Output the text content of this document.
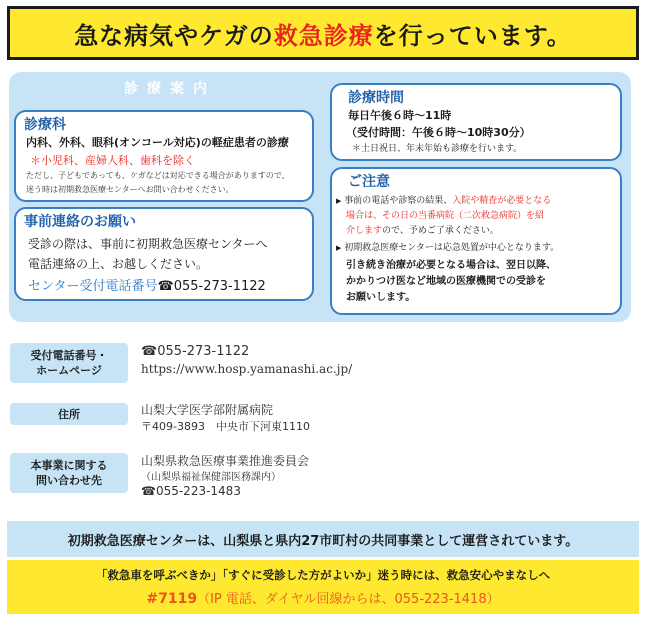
急な病気やケガの 救急診療 を行っています。
診療案内
診療科
内科、外科、眼科(オンコール対応)の軽症患者の診療
＊小児科、産婦人科、歯科を除く
ただし、子どもであっても、ケガなどは対応できる場合がありますので、
迷う時は初期救急医療センターへお問い合わせください。
事前連絡のお願い
受診の際は、事前に初期救急医療センターへ
電話連絡の上、お越しください。
センター受付電話番号☎055-273-1122
診療時間
毎日午後６時～11時
（受付時間：午後６時～10時30分）
＊土日祝日、年末年始も診療を行います。
ご注意
▶ 事前の電話や診察の結果、入院や精査が必要となる
場合は、その日の当番病院（二次救急病院）を紹
介しますので、予めご了承ください。
▶ 初期救急医療センターは応急処置が中心となります。
引き続き治療が必要となる場合は、翌日以降、
かかりつけ医など地域の医療機関での受診を
お願いします。
受付電話番号・
ホームページ
☎055-273-1122
https://www.hosp.yamanashi.ac.jp/
住所	山梨大学医学部附属病院
〒409-3893　中央市下河東1110
本事業に関する
問い合わせ先
山梨県救急医療事業推進委員会
（山梨県福祉保健部医務課内）
☎055-223-1483
初期救急医療センターは、山梨県と県内27市町村の共同事業として運営されています。
「救急車を呼ぶべきか」「すぐに受診した方がよいか」迷う時には、救急安心やまなしへ
#7119（IP 電話、ダイヤル回線からは、055-223-1418）
